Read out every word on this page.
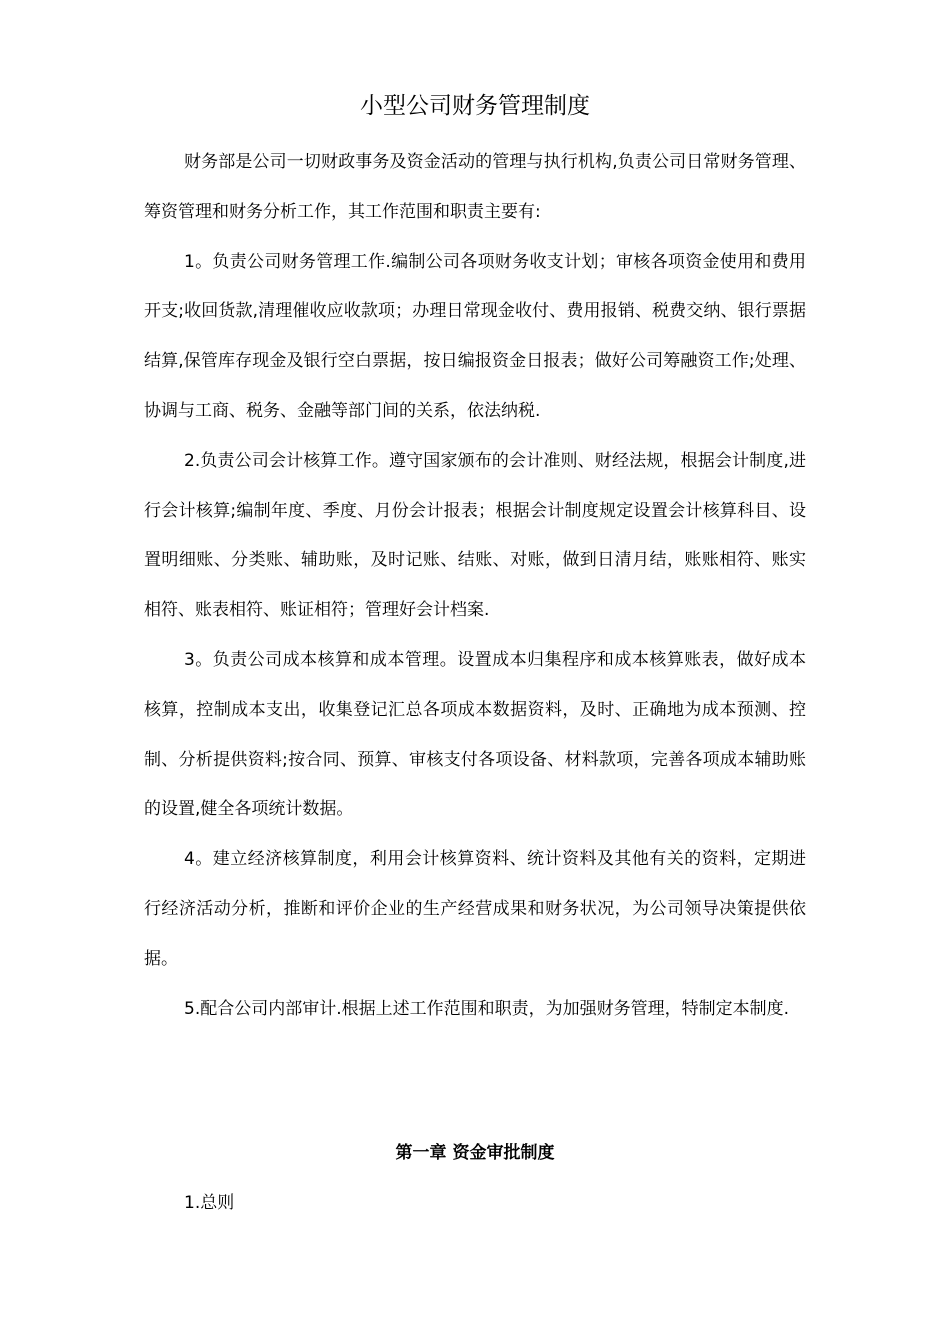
小型公司财务管理制度

财务部是公司一切财政事务及资金活动的管理与执行机构,负责公司日常财务管理、筹资管理和财务分析工作，其工作范围和职责主要有:

1。负责公司财务管理工作.编制公司各项财务收支计划；审核各项资金使用和费用开支;收回货款,清理催收应收款项；办理日常现金收付、费用报销、税费交纳、银行票据结算,保管库存现金及银行空白票据，按日编报资金日报表；做好公司筹融资工作;处理、协调与工商、税务、金融等部门间的关系，依法纳税.

2.负责公司会计核算工作。遵守国家颁布的会计准则、财经法规，根据会计制度,进行会计核算;编制年度、季度、月份会计报表；根据会计制度规定设置会计核算科目、设置明细账、分类账、辅助账，及时记账、结账、对账，做到日清月结，账账相符、账实相符、账表相符、账证相符；管理好会计档案.

3。负责公司成本核算和成本管理。设置成本归集程序和成本核算账表，做好成本核算，控制成本支出，收集登记汇总各项成本数据资料，及时、正确地为成本预测、控制、分析提供资料;按合同、预算、审核支付各项设备、材料款项，完善各项成本辅助账的设置,健全各项统计数据。

4。建立经济核算制度，利用会计核算资料、统计资料及其他有关的资料，定期进行经济活动分析，推断和评价企业的生产经营成果和财务状况，为公司领导决策提供依据。

5.配合公司内部审计.根据上述工作范围和职责，为加强财务管理，特制定本制度.

第一章 资金审批制度

1.总则
